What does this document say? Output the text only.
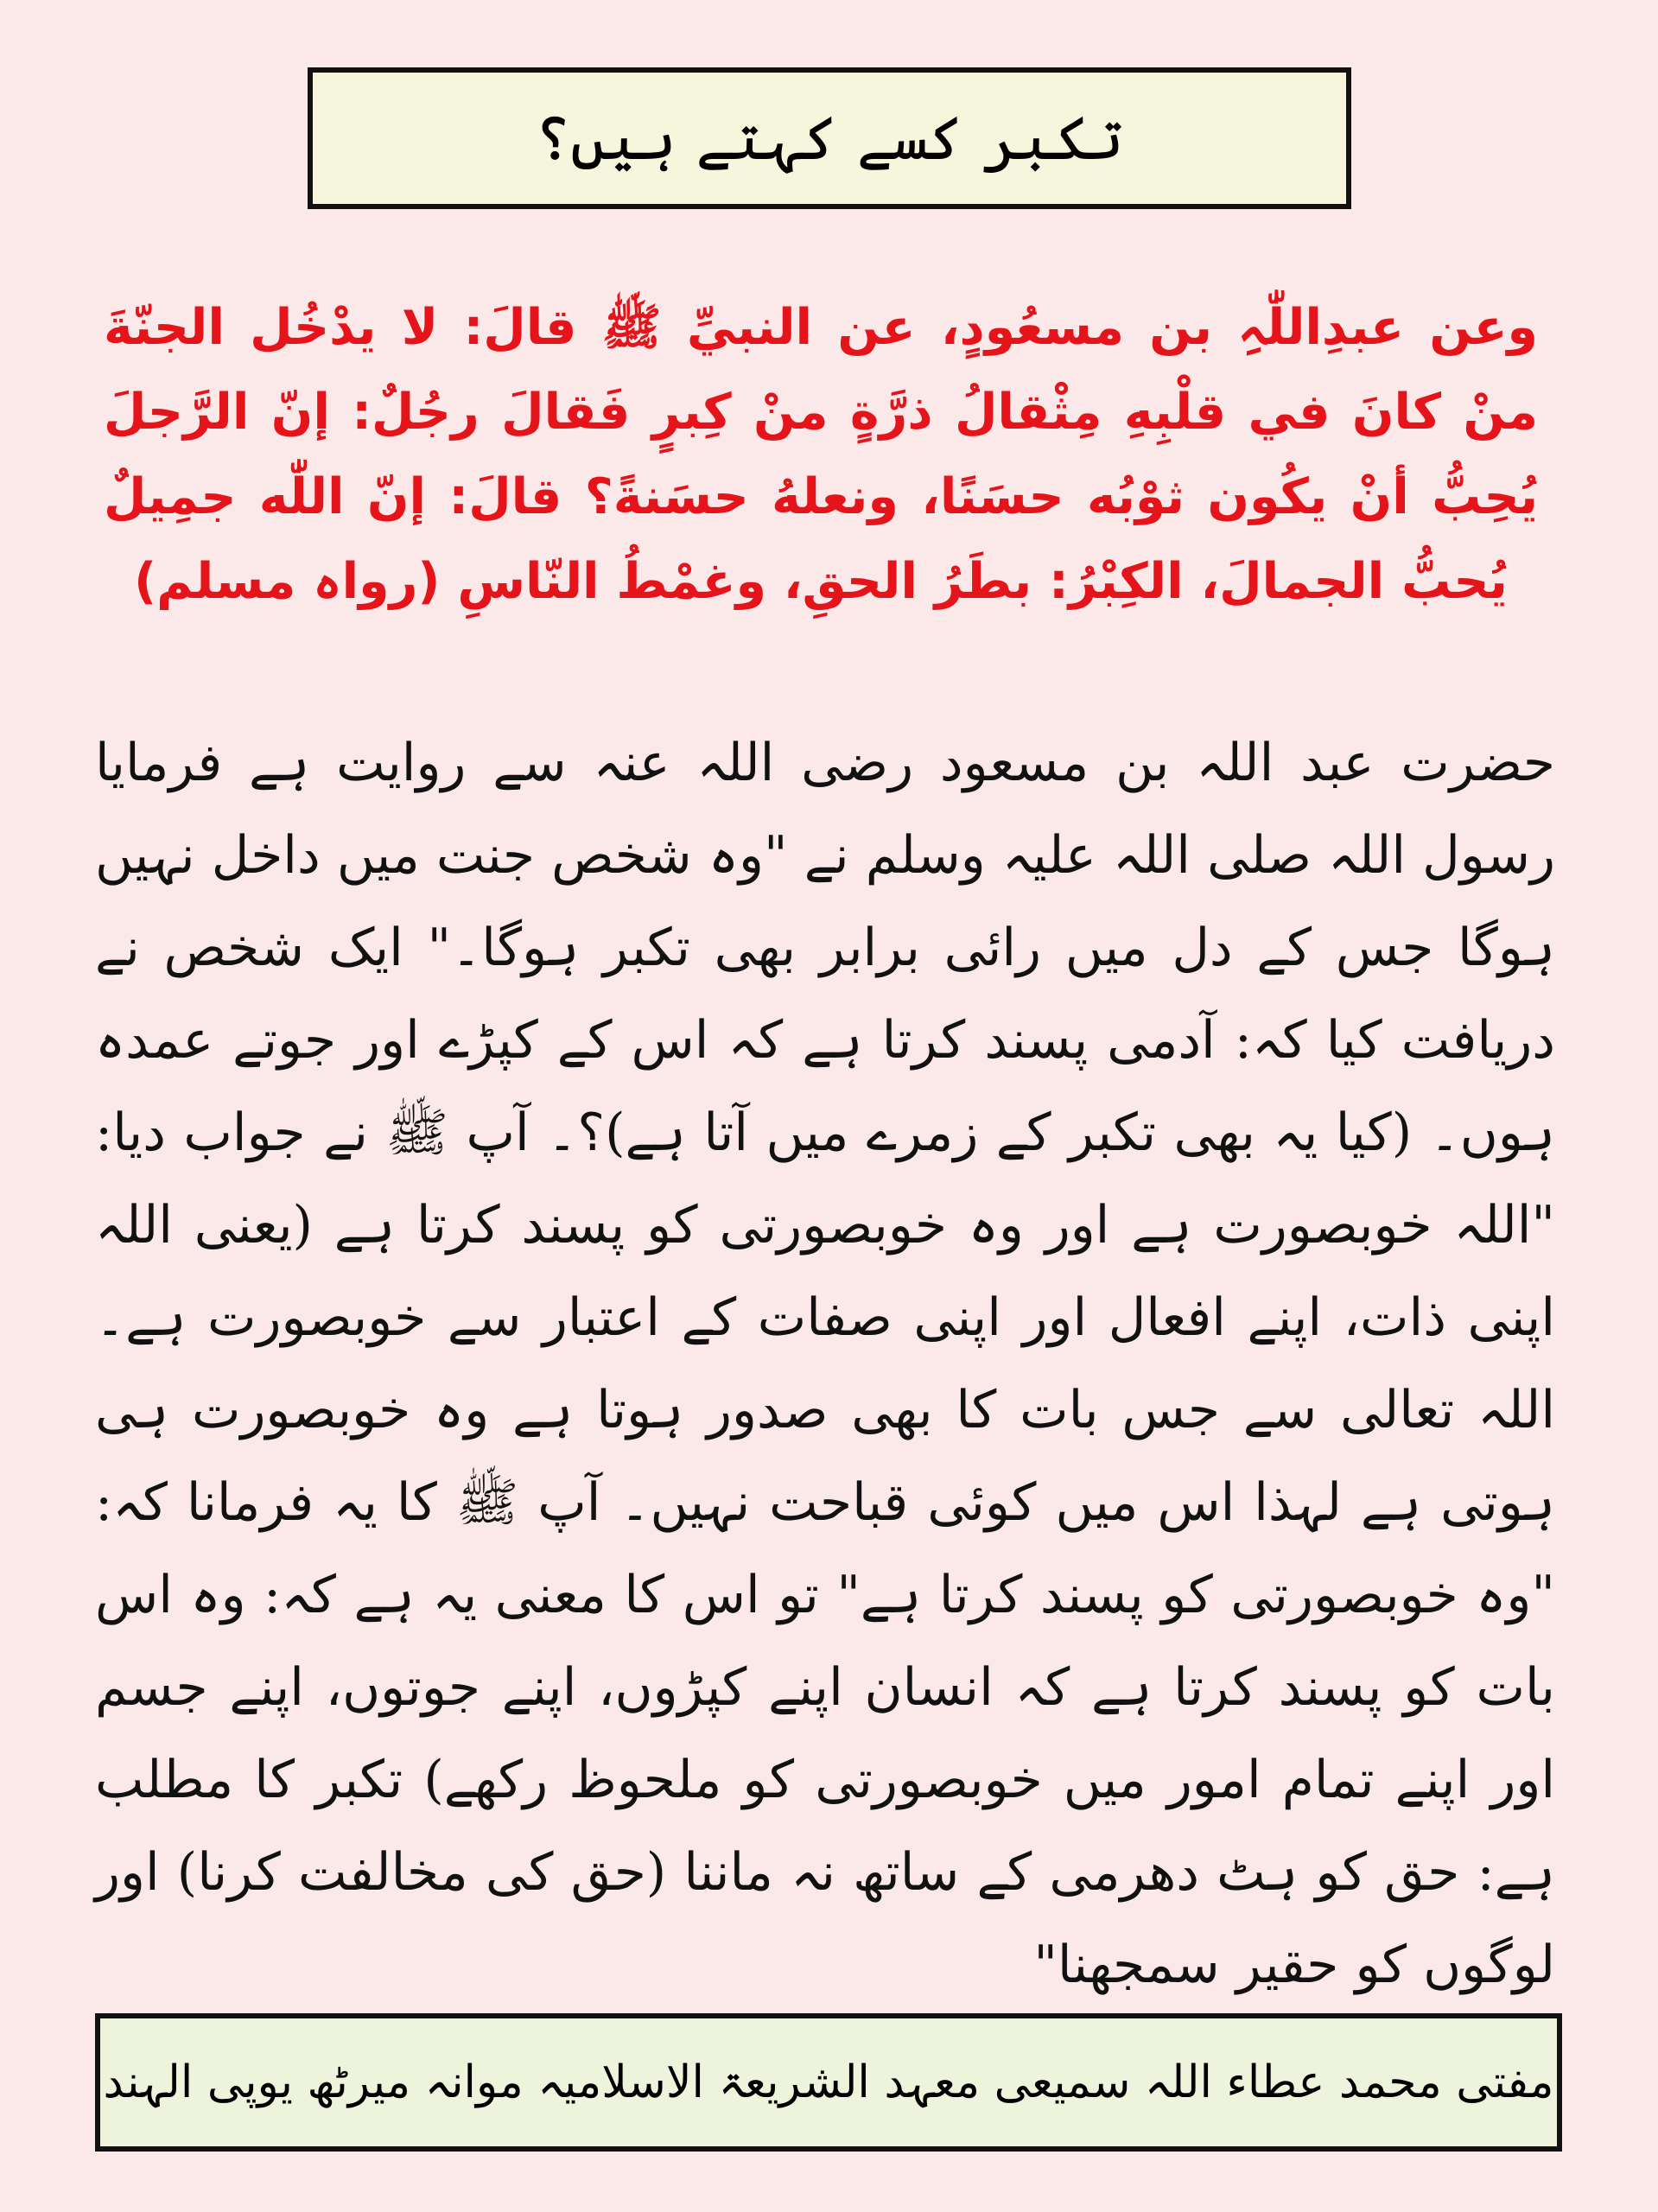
تکبر کسے کہتے ہیں؟
وعن عبدِاللّٰہِ بن مسعُودٍ، عن النبيِّ ﷺ قالَ: لا یدْخُل الجنّةَ منْ کانَ في قلْبِهِ مِثْقالُ ذرَّةٍ منْ كِبرٍ فَقالَ رجُلٌ: إنّ الرَّجلَ یُحِبُّ أنْ یکُون ثوْبُه حسَنًا، ونعلهُ حسَنةً؟ قالَ: إنّ اللّٰه جمِیلٌ یُحبُّ الجمالَ، الکِبْرُ: بطَرُ الحقِ، وغمْطُ النّاسِ (رواہ مسلم)
حضرت عبد اللہ بن مسعود رضی اللہ عنہ سے روایت ہے فرمایا رسول اللہ صلی اللہ علیہ وسلم نے "وہ شخص جنت میں داخل نہیں ہوگا جس کے دل میں رائی برابر بھی تکبر ہوگا۔" ایک شخص نے دریافت کیا کہ: آدمی پسند کرتا ہے کہ اس کے کپڑے اور جوتے عمدہ ہوں۔ (کیا یہ بھی تکبر کے زمرے میں آتا ہے)؟۔ آپ ﷺ نے جواب دیا: "اللہ خوبصورت ہے اور وہ خوبصورتی کو پسند کرتا ہے (یعنی اللہ اپنی ذات، اپنے افعال اور اپنی صفات کے اعتبار سے خوبصورت ہے۔ اللہ تعالی سے جس بات کا بھی صدور ہوتا ہے وہ خوبصورت ہی ہوتی ہے لہذا اس میں کوئی قباحت نہیں۔ آپ ﷺ کا یہ فرمانا کہ: "وہ خوبصورتی کو پسند کرتا ہے" تو اس کا معنی یہ ہے کہ: وہ اس بات کو پسند کرتا ہے کہ انسان اپنے کپڑوں، اپنے جوتوں، اپنے جسم اور اپنے تمام امور میں خوبصورتی کو ملحوظ رکھے) تکبر کا مطلب ہے: حق کو ہٹ دھرمی کے ساتھ نہ ماننا (حق کی مخالفت کرنا) اور لوگوں کو حقیر سمجھنا"
مفتی محمد عطاء اللہ سمیعی معہد الشریعۃ الاسلامیہ موانہ میرٹھ یوپی الہند
